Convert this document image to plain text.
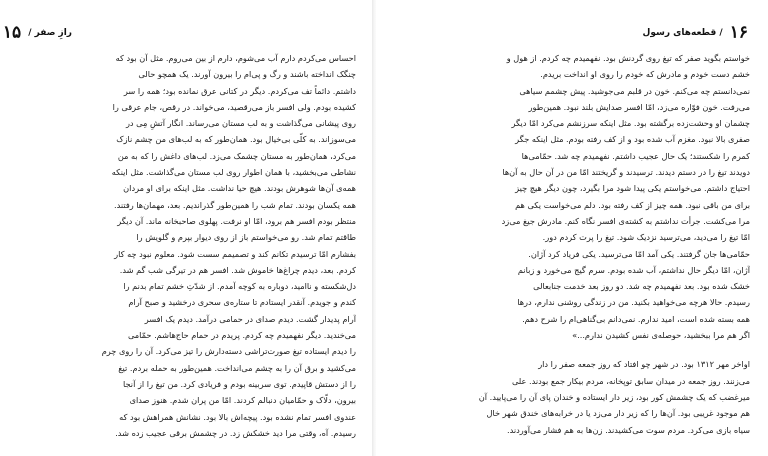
رازِ صفر / ۱۵
احساس می‌کردم دارم آب می‌شوم، دارم از بین می‌روم. مثل آن بود که
چنگک انداخته باشند و رگ و پی‌ام را بیرون آورند. یک همچو حالی
داشتم. دائماً تف می‌کردم. دیگر در کتانی عرق نمانده بود؛ همه را سر
کشیده بودم. ولی افسر باز می‌رقصید، می‌خواند. در رقص، جام عرقی را
روی پیشانی می‌گذاشت و به لب مستان می‌رساند. انگار آتشِ مِی در
می‌سوزاند. به کلّی بی‌خیال بود. همان‌طور که به لب‌های من چشم نازک
می‌کرد، همان‌طور به مستان چشمک می‌زد. لب‌های داغش را که به من
نشاطی می‌بخشید، با همان اطوار روی لب مستان می‌گذاشت. مثل اینکه
همه‌ی آن‌ها شوهرش بودند. هیچ حیا نداشت. مثل اینکه برای او مردان
همه یکسان بودند. تمام شب را همین‌طور گذراندیم. بعد، مهمان‌ها رفتند.
منتظر بودم افسر هم برود، امّا او نرفت. پهلوی صاحبخانه ماند. آن دیگر
طاقتم تمام شد. رو می‌خواستم باز از روی دیوار بپرم و گلویش را
بفشارم امّا ترسیدم تکانم کند و تصمیمم سست شود. معلوم نبود چه کار
کردم. بعد، دیدم چراغ‌ها خاموش شد. افسر هم در تیرگی شب گم شد.
دل‌شکسته و ناامید، دوباره به کوچه آمدم. از شدّتِ خشم تمام بدنم را
کندم و جویدم. آنقدر ایستادم تا ستاره‌ی سحری درخشید و صبح آرام
آرام پدیدار گشت. دیدم صدای در حمامی درآمد. دیدم یک افسر
می‌خندید. دیگر نفهمیدم چه کردم. پریدم در حمام حاج‌هاشم. حمّامی
را دیدم ایستاده تیغ صورت‌تراشی دسته‌دارش را تیز می‌کرد. آن را روی چرم
می‌کشید و برق آن را به چشم می‌انداخت. همین‌طور به حمله بردم. تیغ
را از دستش قاپیدم. توی سربینه بودم و فریادی کرد. من تیغ را از آنجا
بیرون، دلّاک و حمّامیان دنبالم کردند. امّا من پران شدم. هنوز صدای
عندوی افسر تمام نشده بود. پیچه‌اش بالا بود. نشانش همراهش بود که
رسیدم. آه، وقتی مرا دید خشکش زد. در چشمش برقی عجیب زده شد.
۱۶ / قطعه‌های رسول
خواستم بگوید صفر که تیغ روی گردنش بود. نفهمیدم چه کردم. از هول و
خشم دست خودم و مادرش که خودم را روی او انداخت بریدم.
نمی‌دانستم چه می‌کنم. خون در قلبم می‌جوشید. پیش چشمم سیاهی
می‌رفت. خون فوّاره می‌زد، امّا افسر صدایش بلند نبود. همین‌طور
چشمان او وحشت‌زده برگشته بود. مثل اینکه سرزنشم می‌کرد امّا دیگر
صفری بالا نبود. مغزم آب شده بود و از کف رفته بودم. مثل اینکه جگر
کمرم را شکستند؛ یک حال عجیب داشتم. نفهمیدم چه شد. حمّامی‌ها
دویدند تیغ را در دستم دیدند. ترسیدند و گریختند امّا من در آن حال به آن‌ها
احتیاج داشتم. می‌خواستم یکی پیدا شود مرا بگیرد، چون دیگر هیچ چیز
برای من باقی نبود. همه چیز از کف رفته بود. دلم می‌خواست یکی هم
مرا می‌کشت. جرأت نداشتم به کشته‌ی افسر نگاه کنم. مادرش جیغ می‌زد
امّا تیغ را می‌دید، می‌ترسید نزدیک شود. تیغ را پرت کردم دور.
حمّامی‌ها جان گرفتند. یکی آمد امّا می‌ترسید. یکی فریاد کرد آژان.
آژان، امّا دیگر حال نداشتم، آب شده بودم. سرم گیج می‌خورد و زبانم
خشک شده بود. بعد نفهمیدم چه شد. دو روز بعد خدمت جنابعالی
رسیدم. حالا هرچه می‌خواهید بکنید. من در زندگی روشنی ندارم، درها
همه بسته شده است، امید ندارم. نمی‌دانم بی‌گناهی‌ام را شرح دهم.
اگر هم مرا ببخشید، حوصله‌ی نفس کشیدن ندارم...»
اواخر مهر ۱۳۱۲ بود. در شهر چو افتاد که روز جمعه صفر را دار
می‌زنند. روز جمعه در میدان سابق توپخانه، مردم بیکار جمع بودند. علی
میرغضب که یک چشمش کور بود، زیر دار ایستاده و خندان پای آن را می‌پایید. آن
هم موجود غریبی بود. آن‌ها را که زیر دار می‌زد یا در خرابه‌های خندق شهر خال
سیاه بازی می‌کرد. مردم سوت می‌کشیدند. زن‌ها به هم فشار می‌آوردند.
